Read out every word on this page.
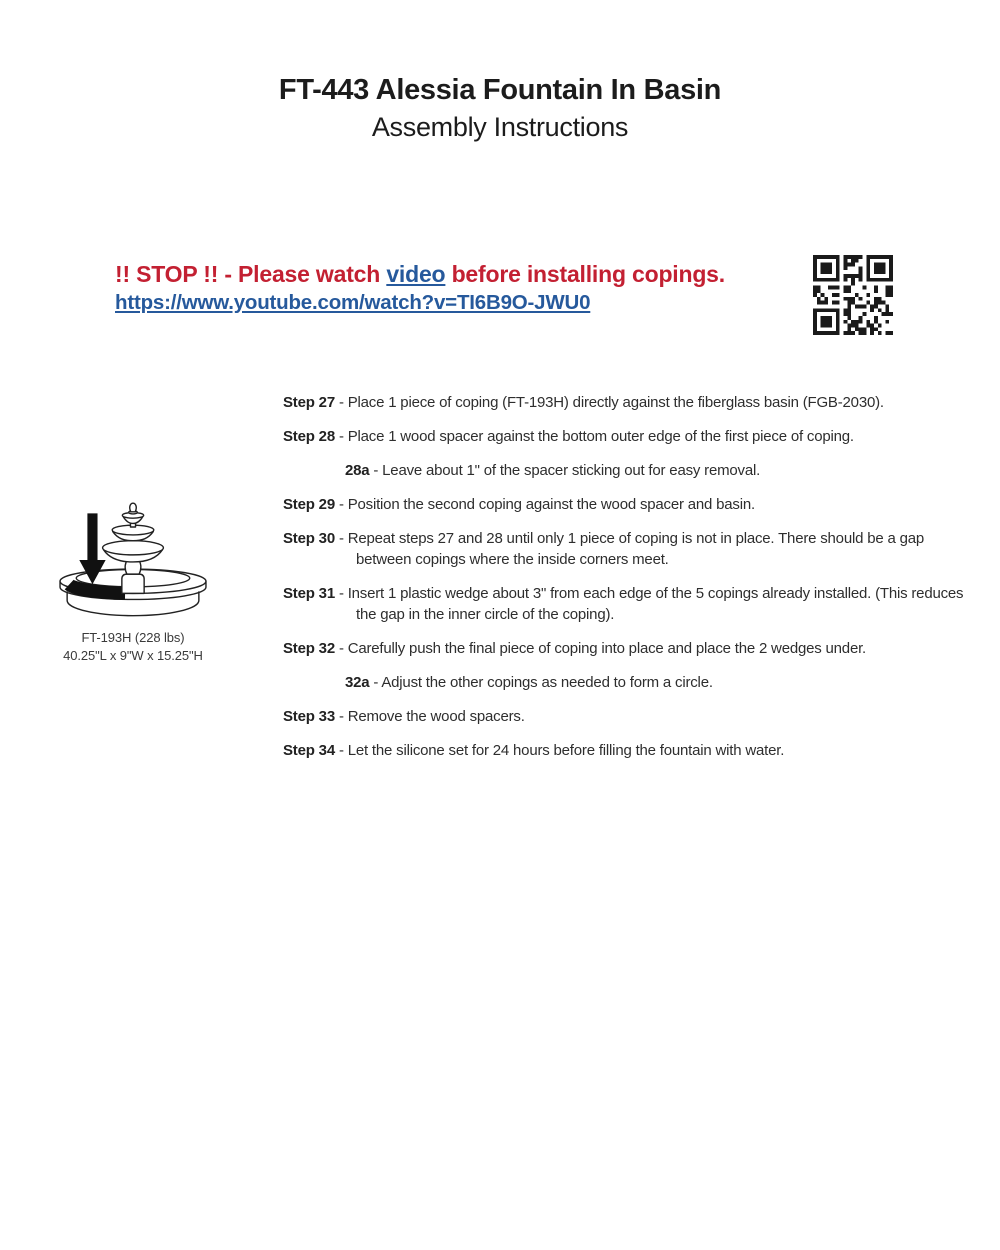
FT-443 Alessia Fountain In Basin
Assembly Instructions

!! STOP !! - Please watch video before installing copings.

https://www.youtube.com/watch?v=TI6B9O-JWU0
FT-193H (228 lbs)
40.25"L x 9"W x 15.25"H

Step 27 - Place 1 piece of coping (FT-193H) directly against the fiberglass basin (FGB-2030).

Step 28 - Place 1 wood spacer against the bottom outer edge of the first piece of coping.

28a - Leave about 1" of the spacer sticking out for easy removal.

Step 29 - Position the second coping against the wood spacer and basin.

Step 30 - Repeat steps 27 and 28 until only 1 piece of coping is not in place. There should be a gap between copings where the inside corners meet.

Step 31 - Insert 1 plastic wedge about 3" from each edge of the 5 copings already installed. (This reduces the gap in the inner circle of the coping).

Step 32 - Carefully push the final piece of coping into place and place the 2 wedges under.

32a - Adjust the other copings as needed to form a circle.

Step 33 - Remove the wood spacers.

Step 34 - Let the silicone set for 24 hours before filling the fountain with water.
